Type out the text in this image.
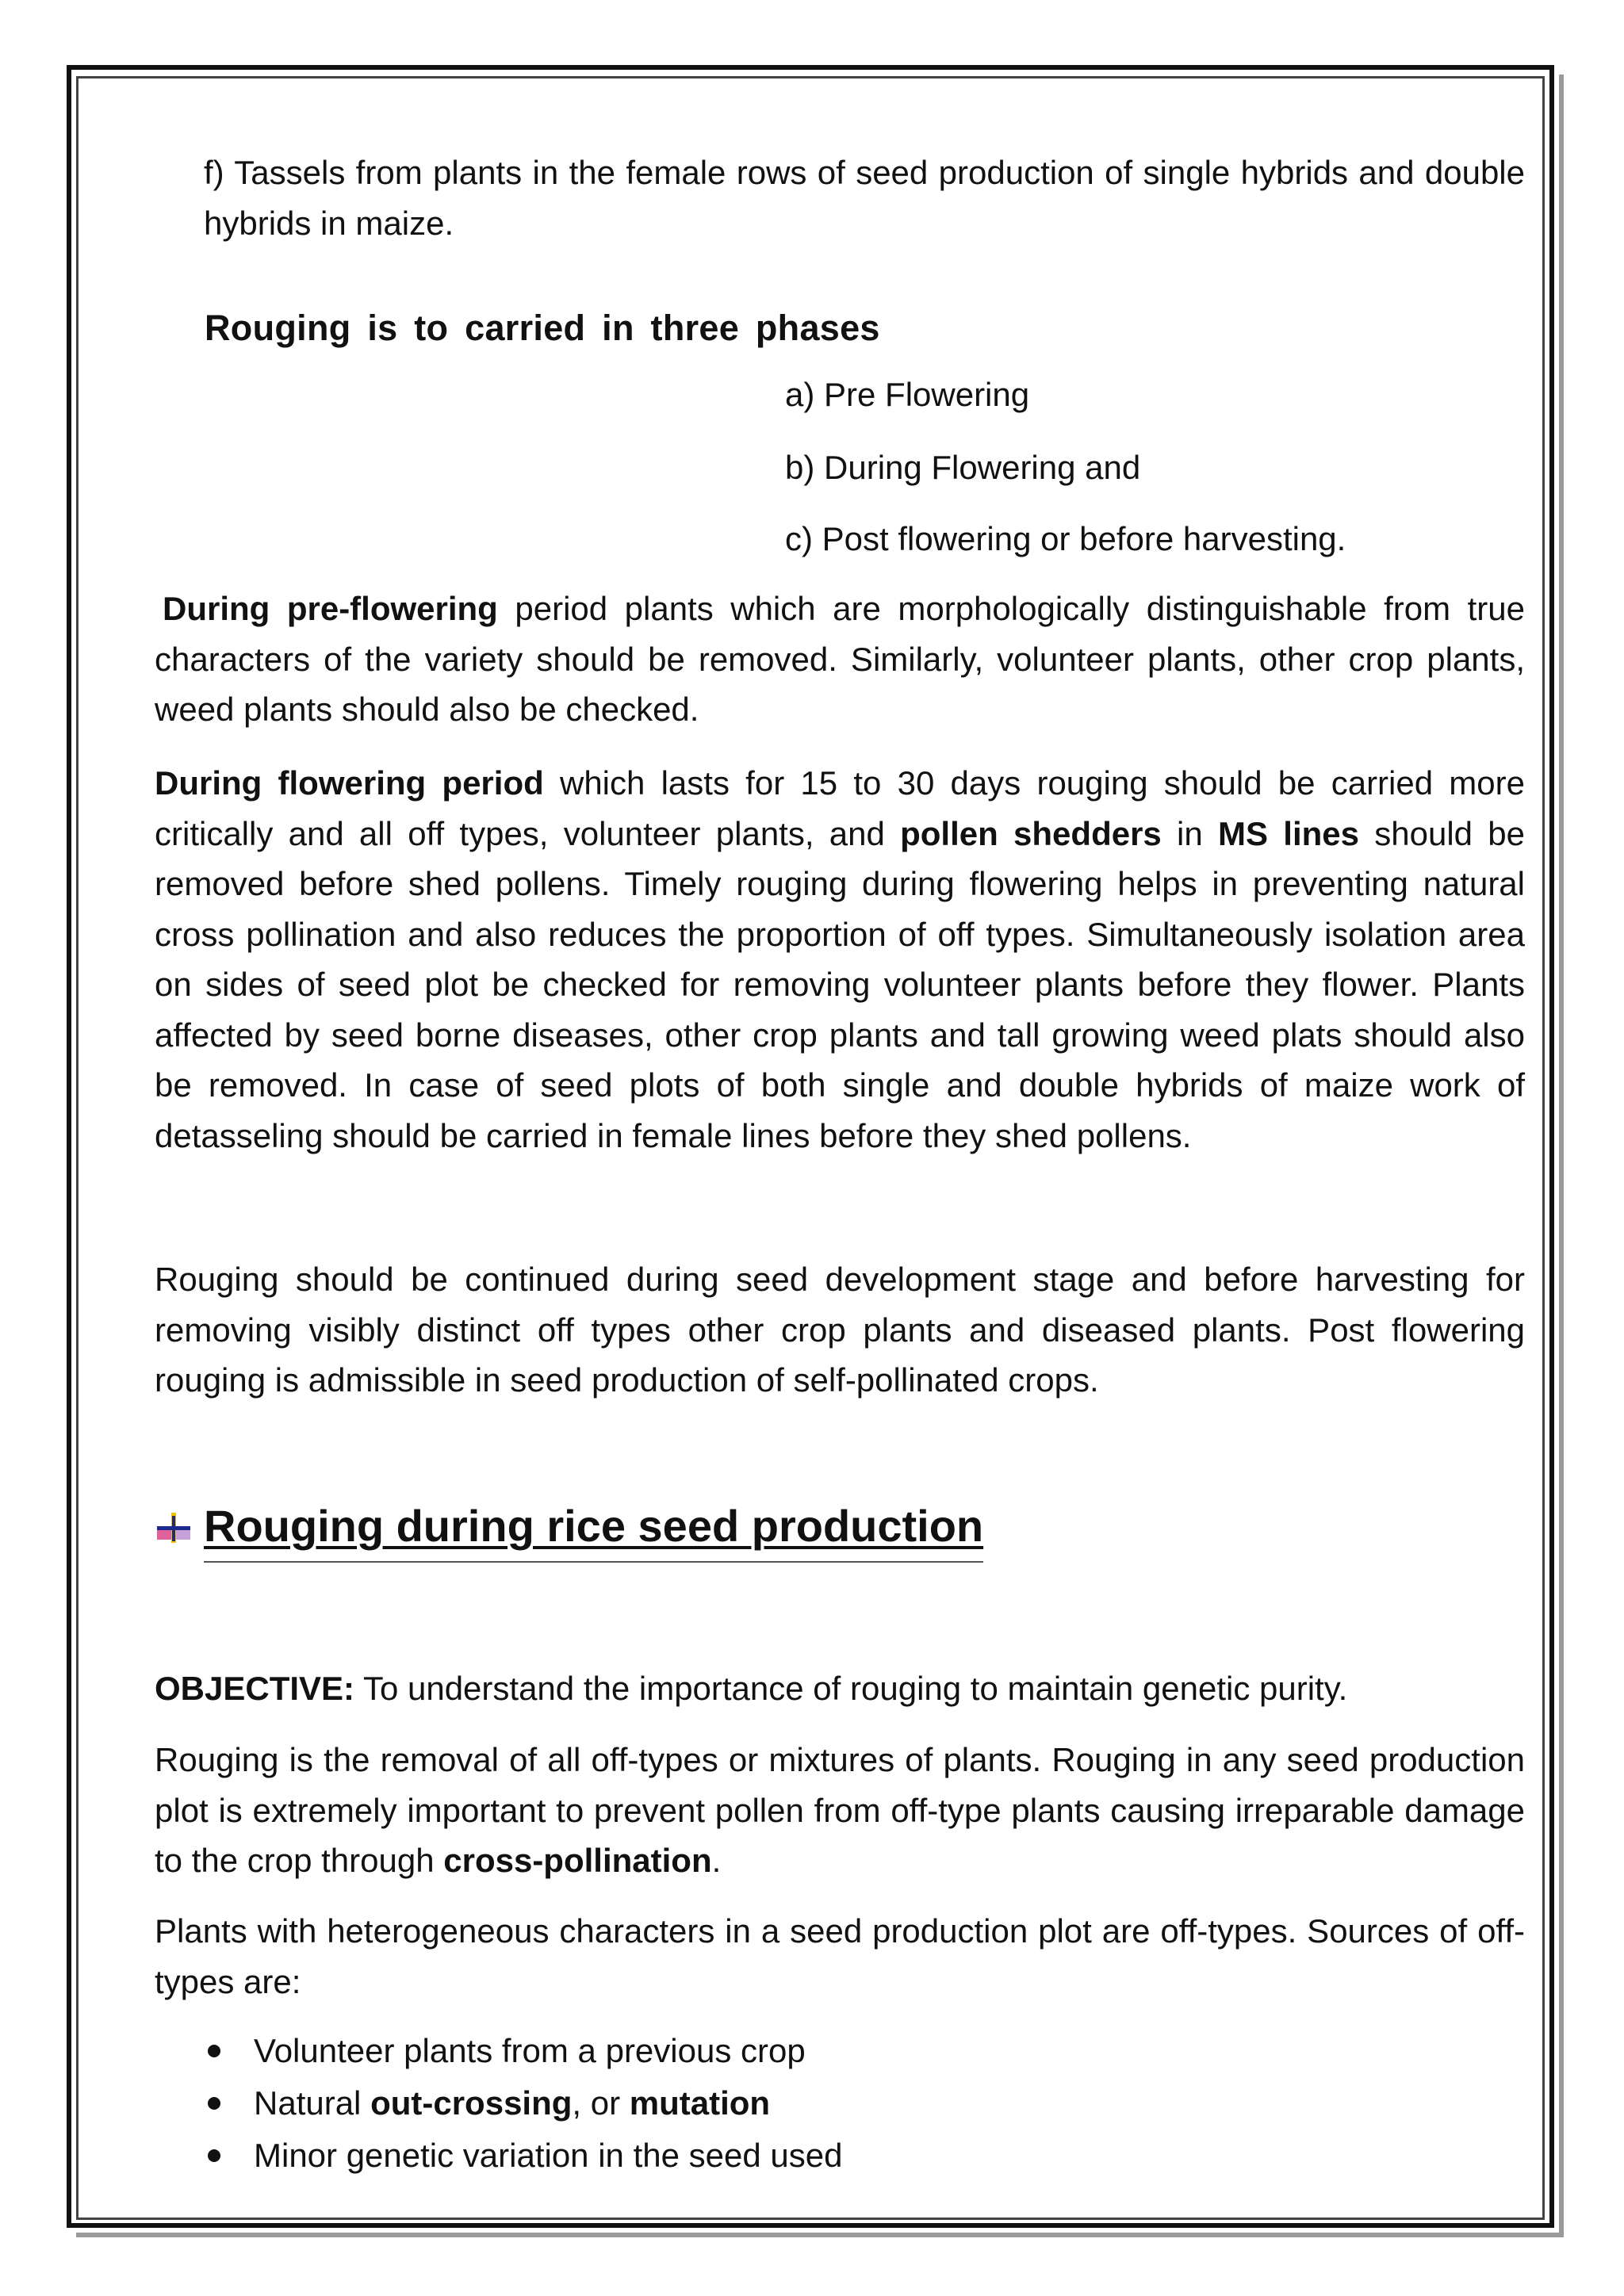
f) Tassels from plants in the female rows of seed production of single hybrids and double hybrids in maize.

Rouging is to carried in three phases

a) Pre Flowering

b) During Flowering and

c) Post flowering or before harvesting.

During pre-flowering period plants which are morphologically distinguishable from true characters of the variety should be removed. Similarly, volunteer plants, other crop plants, weed plants should also be checked.

During flowering period which lasts for 15 to 30 days rouging should be carried more critically and all off types, volunteer plants, and pollen shedders in MS lines should be removed before shed pollens. Timely rouging during flowering helps in preventing natural cross pollination and also reduces the proportion of off types. Simultaneously isolation area on sides of seed plot be checked for removing volunteer plants before they flower. Plants affected by seed borne diseases, other crop plants and tall growing weed plats should also be removed. In case of seed plots of both single and double hybrids of maize work of detasseling should be carried in female lines before they shed pollens.

Rouging should be continued during seed development stage and before harvesting for removing visibly distinct off types other crop plants and diseased plants. Post flowering rouging is admissible in seed production of self-pollinated crops.

Rouging during rice seed production

OBJECTIVE: To understand the importance of rouging to maintain genetic purity.

Rouging is the removal of all off-types or mixtures of plants. Rouging in any seed production plot is extremely important to prevent pollen from off-type plants causing irreparable damage to the crop through cross-pollination.

Plants with heterogeneous characters in a seed production plot are off-types. Sources of off-types are:

Volunteer plants from a previous crop
Natural out-crossing, or mutation
Minor genetic variation in the seed used
